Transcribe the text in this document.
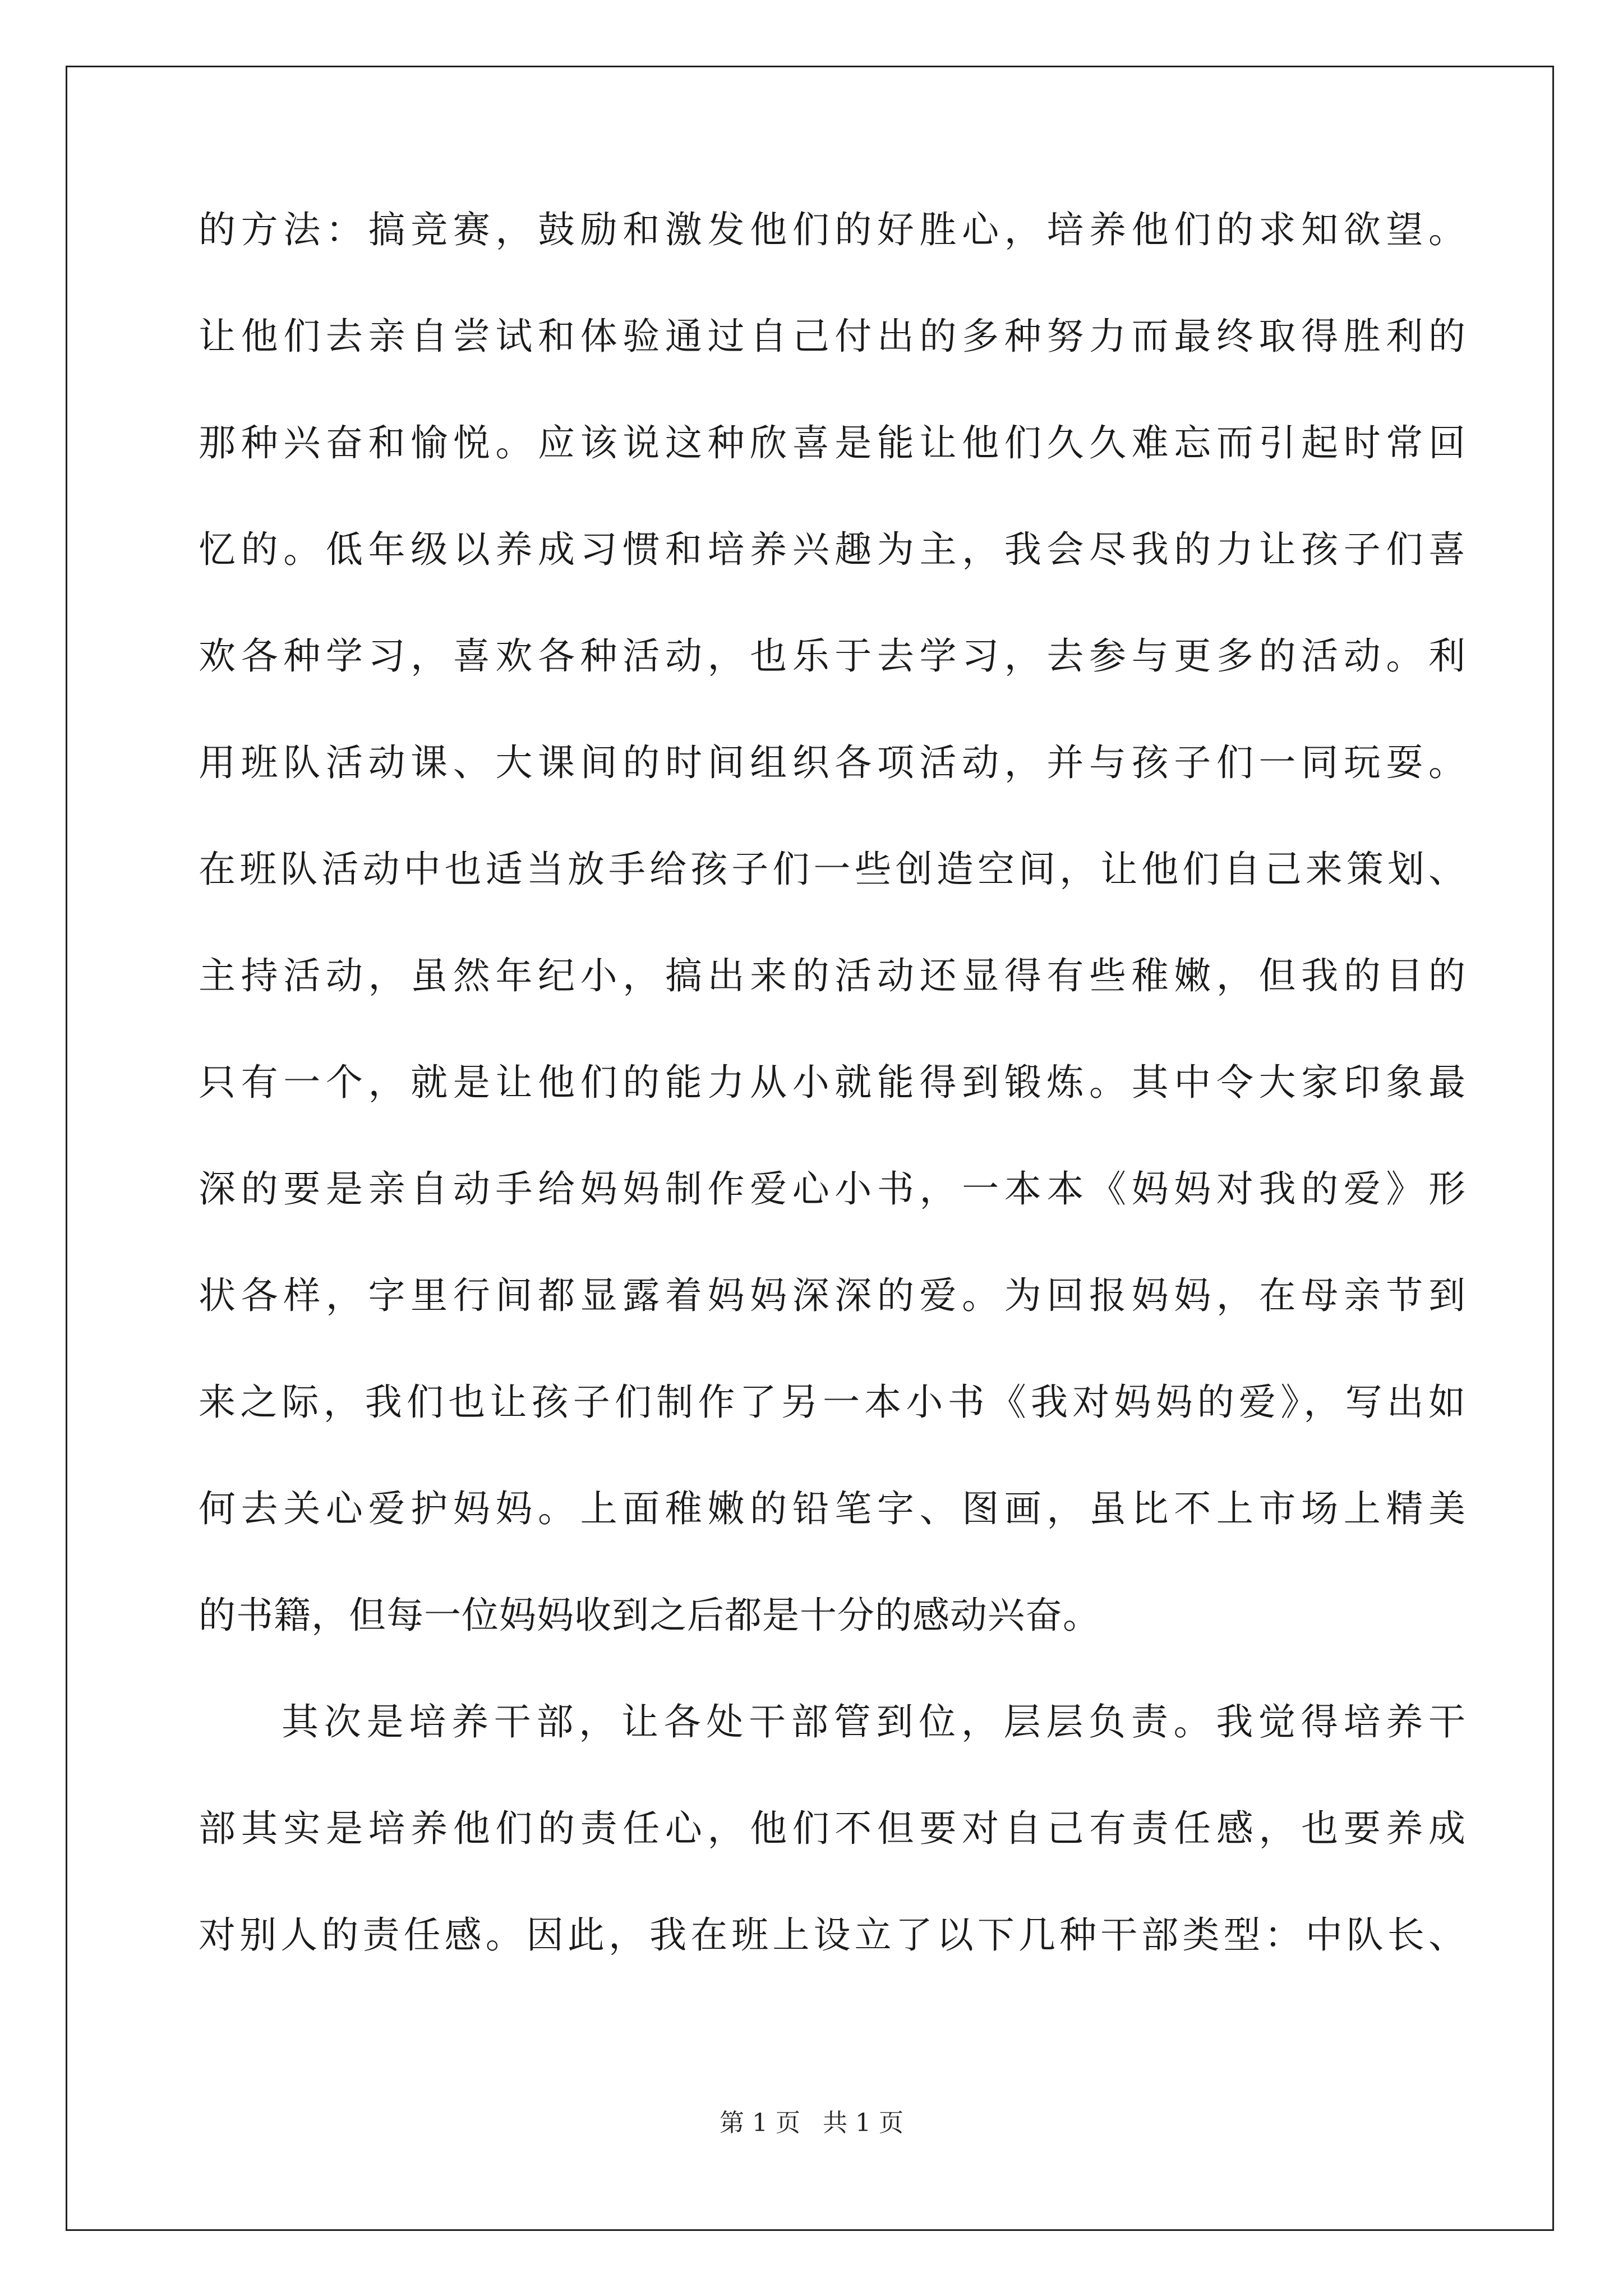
的方法：搞竞赛，鼓励和激发他们的好胜心，培养他们的求知欲望。
让他们去亲自尝试和体验通过自己付出的多种努力而最终取得胜利的
那种兴奋和愉悦。应该说这种欣喜是能让他们久久难忘而引起时常回
忆的。低年级以养成习惯和培养兴趣为主，我会尽我的力让孩子们喜
欢各种学习，喜欢各种活动，也乐于去学习，去参与更多的活动。利
用班队活动课、大课间的时间组织各项活动，并与孩子们一同玩耍。
在班队活动中也适当放手给孩子们一些创造空间，让他们自己来策划、
主持活动，虽然年纪小，搞出来的活动还显得有些稚嫩，但我的目的
只有一个，就是让他们的能力从小就能得到锻炼。其中令大家印象最
深的要是亲自动手给妈妈制作爱心小书，一本本《妈妈对我的爱》形
状各样，字里行间都显露着妈妈深深的爱。为回报妈妈，在母亲节到
来之际，我们也让孩子们制作了另一本小书《我对妈妈的爱》，写出如
何去关心爱护妈妈。上面稚嫩的铅笔字、图画，虽比不上市场上精美
的书籍，但每一位妈妈收到之后都是十分的感动兴奋。
其次是培养干部，让各处干部管到位，层层负责。我觉得培养干
部其实是培养他们的责任心，他们不但要对自己有责任感，也要养成
对别人的责任感。因此，我在班上设立了以下几种干部类型：中队长、
第 1 页 共 1 页
